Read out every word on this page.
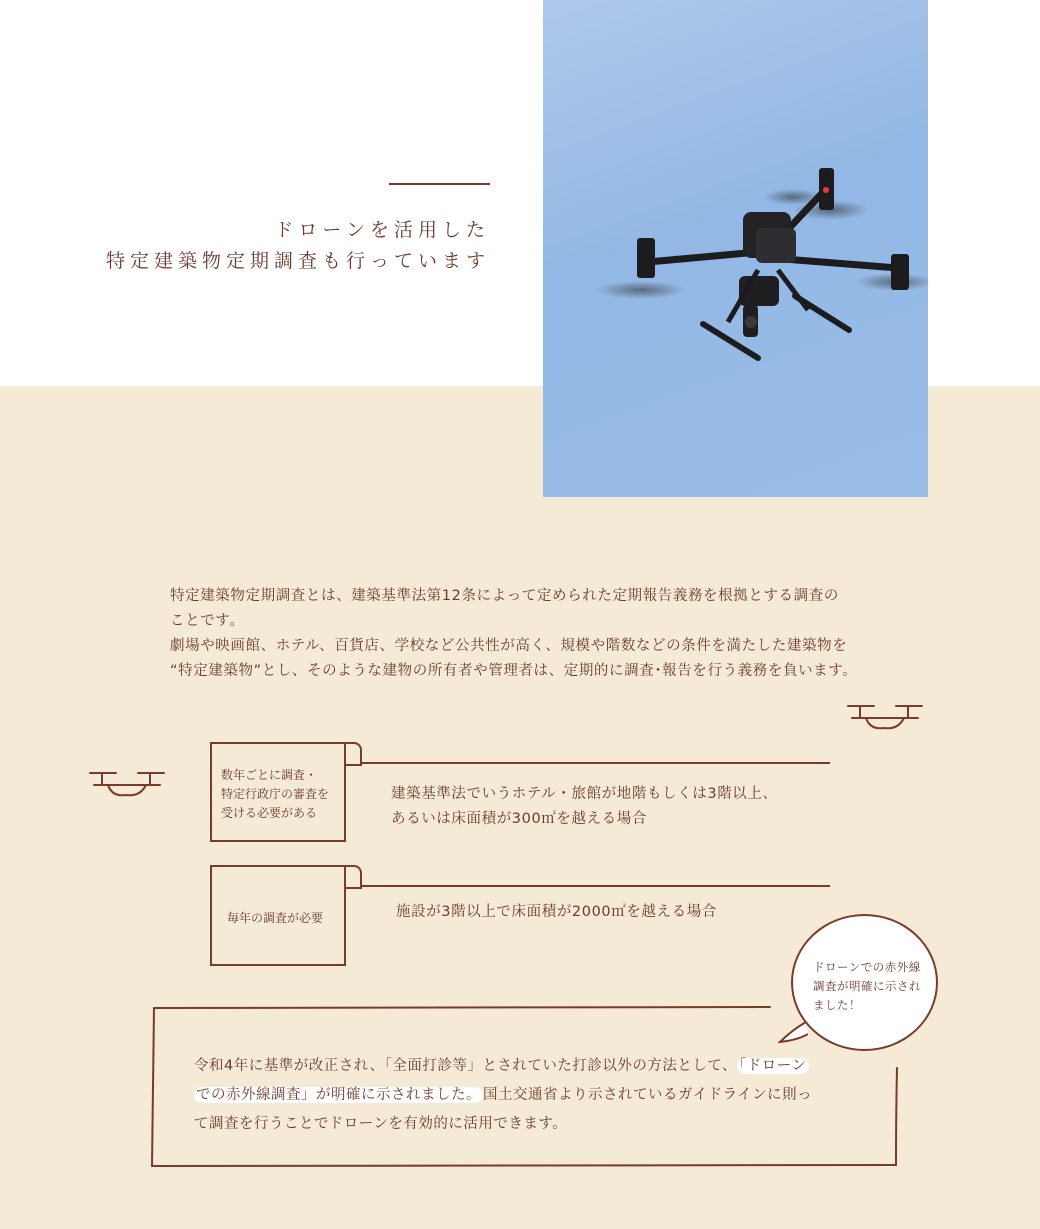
ドローンを活用した
特定建築物定期調査も行っています

特定建築物定期調査とは、建築基準法第12条によって定められた定期報告義務を根拠とする調査の

ことです。

劇場や映画館、ホテル、百貨店、学校など公共性が高く、規模や階数などの条件を満たした建築物を

“特定建築物”とし、そのような建物の所有者や管理者は、定期的に調査･報告を行う義務を負います。

数年ごとに調査・
特定行政庁の審査を
受ける必要がある
建築基準法でいうホテル・旅館が地階もしくは3階以上、
あるいは床面積が300㎡を越える場合
毎年の調査が必要	施設が3階以上で床面積が2000㎡を越える場合
ドローンでの赤外線
調査が明確に示され
ました！
令和4年に基準が改正され、「全面打診等」とされていた打診以外の方法として、 「ドローン
での赤外線調査」が明確に示されました。 国土交通省より示されているガイドラインに則っ
て調査を行うことでドローンを有効的に活用できます。
